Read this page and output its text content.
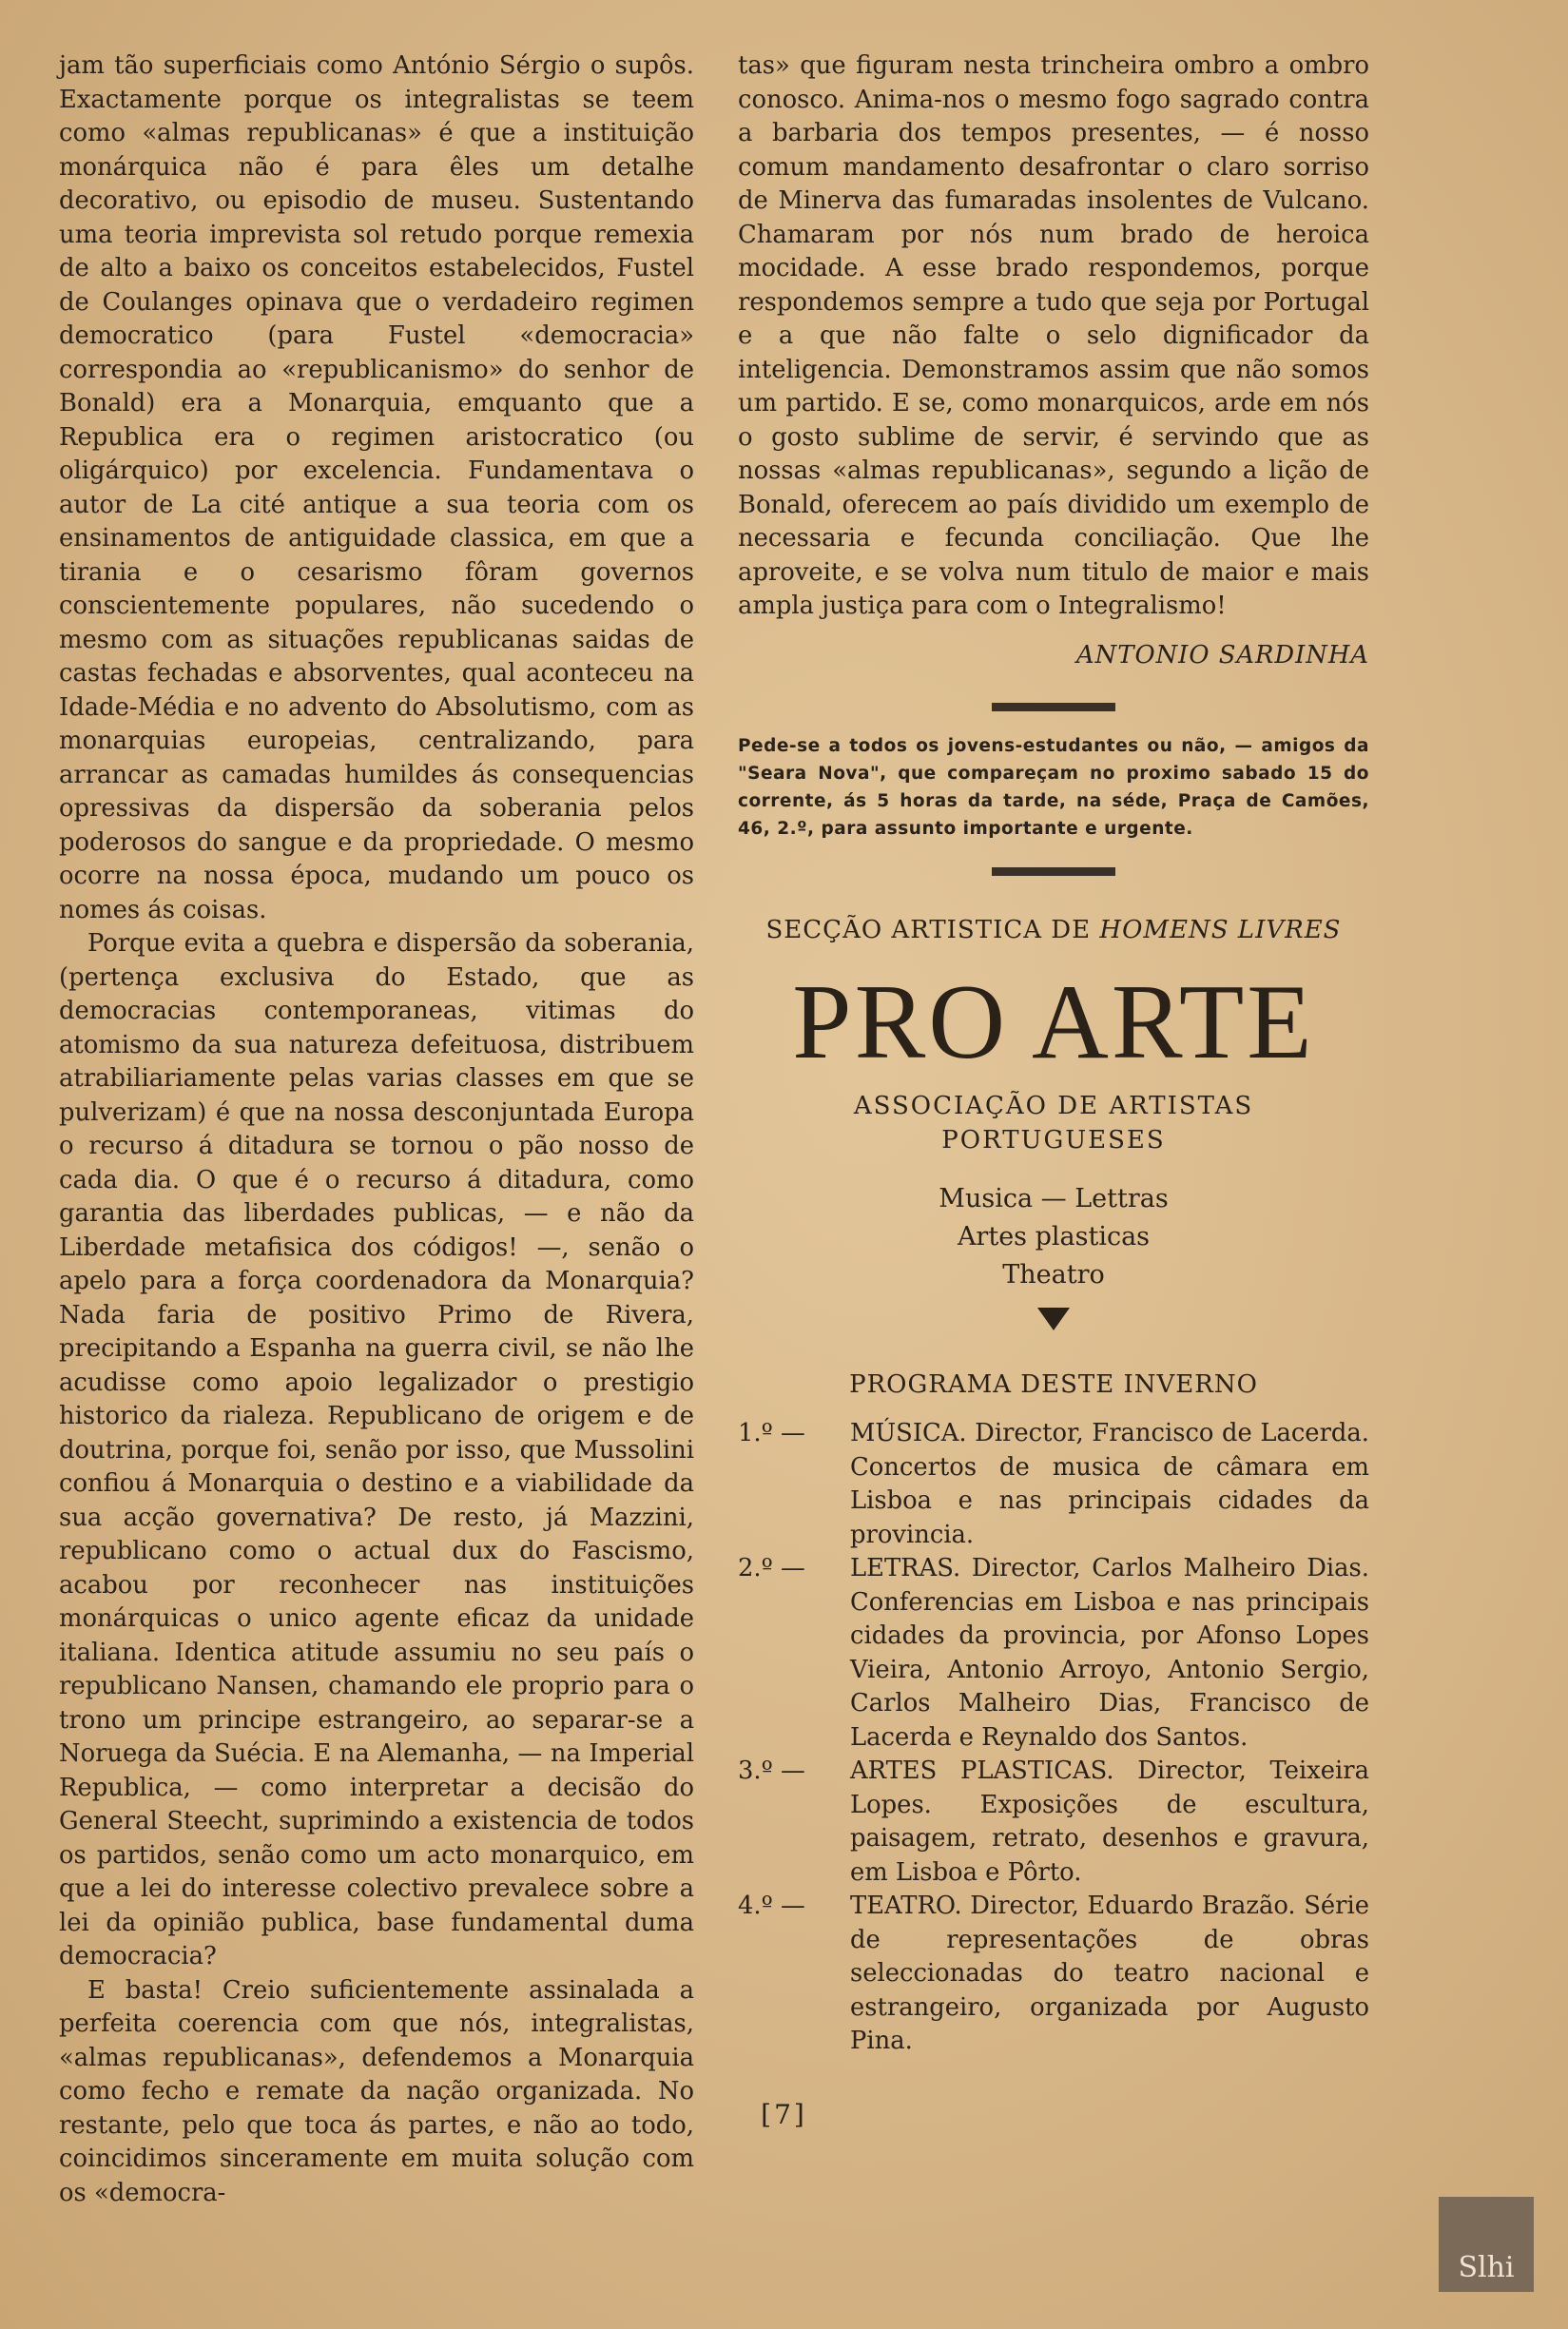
jam tão superficiais como António Sérgio o supôs. Exactamente porque os integralistas se teem como «almas republicanas» é que a instituição monárquica não é para êles um detalhe decorativo, ou episodio de museu. Sustentando uma teoria imprevista sol retudo porque remexia de alto a baixo os conceitos estabelecidos, Fustel de Coulanges opinava que o verdadeiro regimen democratico (para Fustel «democracia» correspondia ao «republicanismo» do senhor de Bonald) era a Monarquia, emquanto que a Republica era o regimen aristocratico (ou oligárquico) por excelencia. Fundamentava o autor de La cité antique a sua teoria com os ensinamentos de antiguidade classica, em que a tirania e o cesarismo fôram governos conscientemente populares, não sucedendo o mesmo com as situações republicanas saidas de castas fechadas e absorventes, qual aconteceu na Idade-Média e no advento do Absolutismo, com as monarquias europeias, centralizando, para arrancar as camadas humildes ás consequencias opressivas da dispersão da soberania pelos poderosos do sangue e da propriedade. O mesmo ocorre na nossa época, mudando um pouco os nomes ás coisas.

Porque evita a quebra e dispersão da soberania, (pertença exclusiva do Estado, que as democracias contemporaneas, vitimas do atomismo da sua natureza defeituosa, distribuem atrabiliariamente pelas varias classes em que se pulverizam) é que na nossa desconjuntada Europa o recurso á ditadura se tornou o pão nosso de cada dia. O que é o recurso á ditadura, como garantia das liberdades publicas, — e não da Liberdade metafisica dos códigos! —, senão o apelo para a força coordenadora da Monarquia? Nada faria de positivo Primo de Rivera, precipitando a Espanha na guerra civil, se não lhe acudisse como apoio legalizador o prestigio historico da rialeza. Republicano de origem e de doutrina, porque foi, senão por isso, que Mussolini confiou á Monarquia o destino e a viabilidade da sua acção governativa? De resto, já Mazzini, republicano como o actual dux do Fascismo, acabou por reconhecer nas instituições monárquicas o unico agente eficaz da unidade italiana. Identica atitude assumiu no seu país o republicano Nansen, chamando ele proprio para o trono um principe estrangeiro, ao separar-se a Noruega da Suécia. E na Alemanha, — na Imperial Republica, — como interpretar a decisão do General Steecht, suprimindo a existencia de todos os partidos, senão como um acto monarquico, em que a lei do interesse colectivo prevalece sobre a lei da opinião publica, base fundamental duma democracia?

E basta! Creio suficientemente assinalada a perfeita coerencia com que nós, integralistas, «almas republicanas», defendemos a Monarquia como fecho e remate da nação organizada. No restante, pelo que toca ás partes, e não ao todo, coincidimos sinceramente em muita solução com os «democra-

tas» que figuram nesta trincheira ombro a ombro conosco. Anima-nos o mesmo fogo sagrado contra a barbaria dos tempos presentes, — é nosso comum mandamento desafrontar o claro sorriso de Minerva das fumaradas insolentes de Vulcano. Chamaram por nós num brado de heroica mocidade. A esse brado respondemos, porque respondemos sempre a tudo que seja por Portugal e a que não falte o selo dignificador da inteligencia. Demonstramos assim que não somos um partido. E se, como monarquicos, arde em nós o gosto sublime de servir, é servindo que as nossas «almas republicanas», segundo a lição de Bonald, oferecem ao país dividido um exemplo de necessaria e fecunda conciliação. Que lhe aproveite, e se volva num titulo de maior e mais ampla justiça para com o Integralismo!

ANTONIO SARDINHA
Pede-se a todos os jovens-estudantes ou não, — amigos da "Seara Nova", que compareçam no proximo sabado 15 do corrente, ás 5 horas da tarde, na séde, Praça de Camões, 46, 2.º, para assunto importante e urgente.
SECÇÃO ARTISTICA DE HOMENS LIVRES
PRO ARTE
ASSOCIAÇÃO DE ARTISTAS
PORTUGUESES
Musica — Lettras
Artes plasticas
Theatro
PROGRAMA DESTE INVERNO
1.º —	MÚSICA. Director, Francisco de Lacerda. Concertos de musica de câmara em Lisboa e nas principais cidades da provincia.
2.º —	LETRAS. Director, Carlos Malheiro Dias. Conferencias em Lisboa e nas principais cidades da provincia, por Afonso Lopes Vieira, Antonio Arroyo, Antonio Sergio, Carlos Malheiro Dias, Francisco de Lacerda e Reynaldo dos Santos.
3.º —	ARTES PLASTICAS. Director, Teixeira Lopes. Exposições de escultura, paisagem, retrato, desenhos e gravura, em Lisboa e Pôrto.
4.º —	TEATRO. Director, Eduardo Brazão. Série de representações de obras seleccionadas do teatro nacional e estrangeiro, organizada por Augusto Pina.
[7]
Slhi
